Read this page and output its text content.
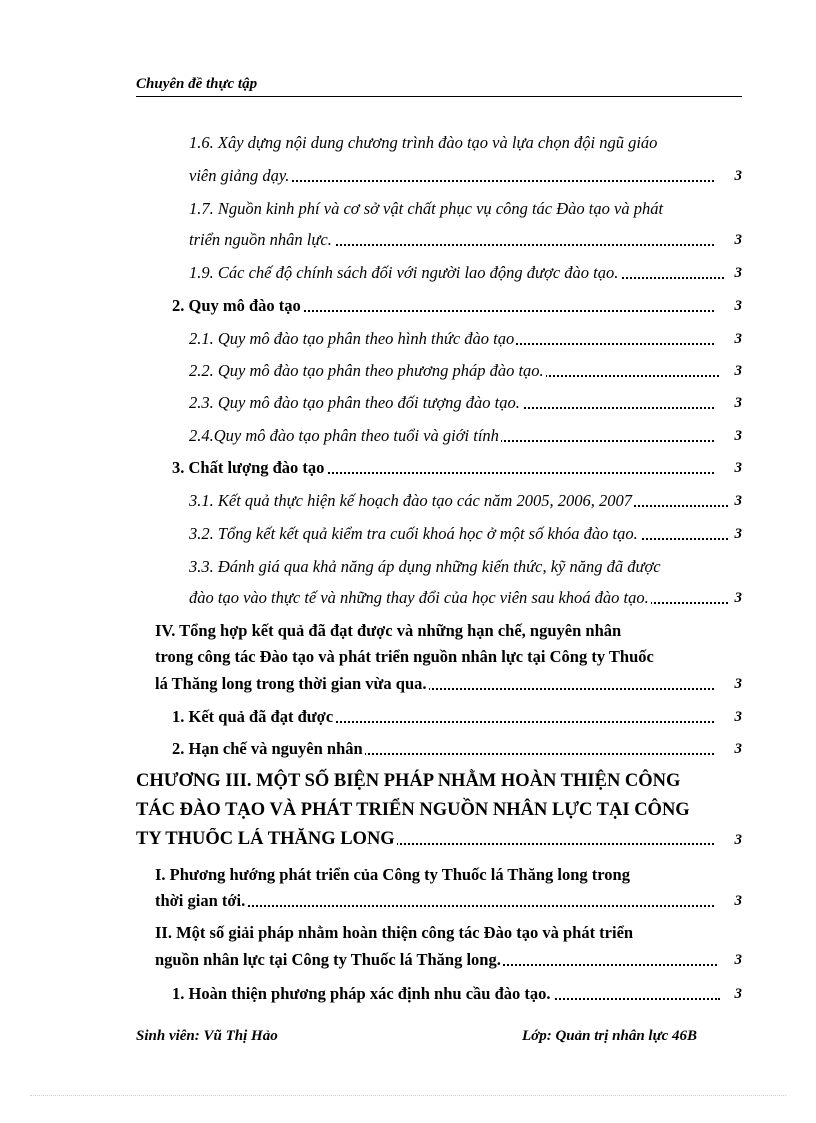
Chuyên đề thực tập
1.6. Xây dựng nội dung chương trình đào tạo và lựa chọn đội ngũ giáo
viên giảng dạy.	3
1.7. Nguồn kinh phí và cơ sở vật chất phục vụ công tác Đào tạo và phát
triển nguồn nhân lực.	3
1.9. Các chế độ chính sách đối với người lao động được đào tạo.	3
2. Quy mô đào tạo	3
2.1. Quy mô đào tạo phân theo hình thức đào tạo	3
2.2. Quy mô đào tạo phân theo phương pháp đào tạo.	3
2.3. Quy mô đào tạo phân theo đối tượng đào tạo.	3
2.4.Quy mô đào tạo phân theo tuổi và giới tính	3
3. Chất lượng đào tạo	3
3.1. Kết quả thực hiện kế hoạch đào tạo các năm 2005, 2006, 2007	3
3.2. Tổng kết kết quả kiểm tra cuối khoá học ở một số khóa đào tạo.	3
3.3. Đánh giá qua khả năng áp dụng những kiến thức, kỹ năng đã được
đào tạo vào thực tế và những thay đổi của học viên sau khoá đào tạo.	3
IV. Tổng hợp kết quả đã đạt được và những hạn chế, nguyên nhân
trong công tác Đào tạo và phát triển nguồn nhân lực tại Công ty Thuốc
lá Thăng long trong thời gian vừa qua.	3
1. Kết quả đã đạt được	3
2. Hạn chế và nguyên nhân	3
CHƯƠNG III. MỘT SỐ BIỆN PHÁP NHẰM HOÀN THIỆN CÔNG
TÁC ĐÀO TẠO VÀ PHÁT TRIỂN NGUỒN NHÂN LỰC TẠI CÔNG
TY THUỐC LÁ THĂNG LONG	3
I. Phương hướng phát triển của Công ty Thuốc lá Thăng long trong
thời gian tới.	3
II. Một số giải pháp nhằm hoàn thiện công tác Đào tạo và phát triển
nguồn nhân lực tại Công ty Thuốc lá Thăng long.	3
1. Hoàn thiện phương pháp xác định nhu cầu đào tạo.	3
Sinh viên: Vũ Thị Hảo	Lớp: Quản trị nhân lực 46B
